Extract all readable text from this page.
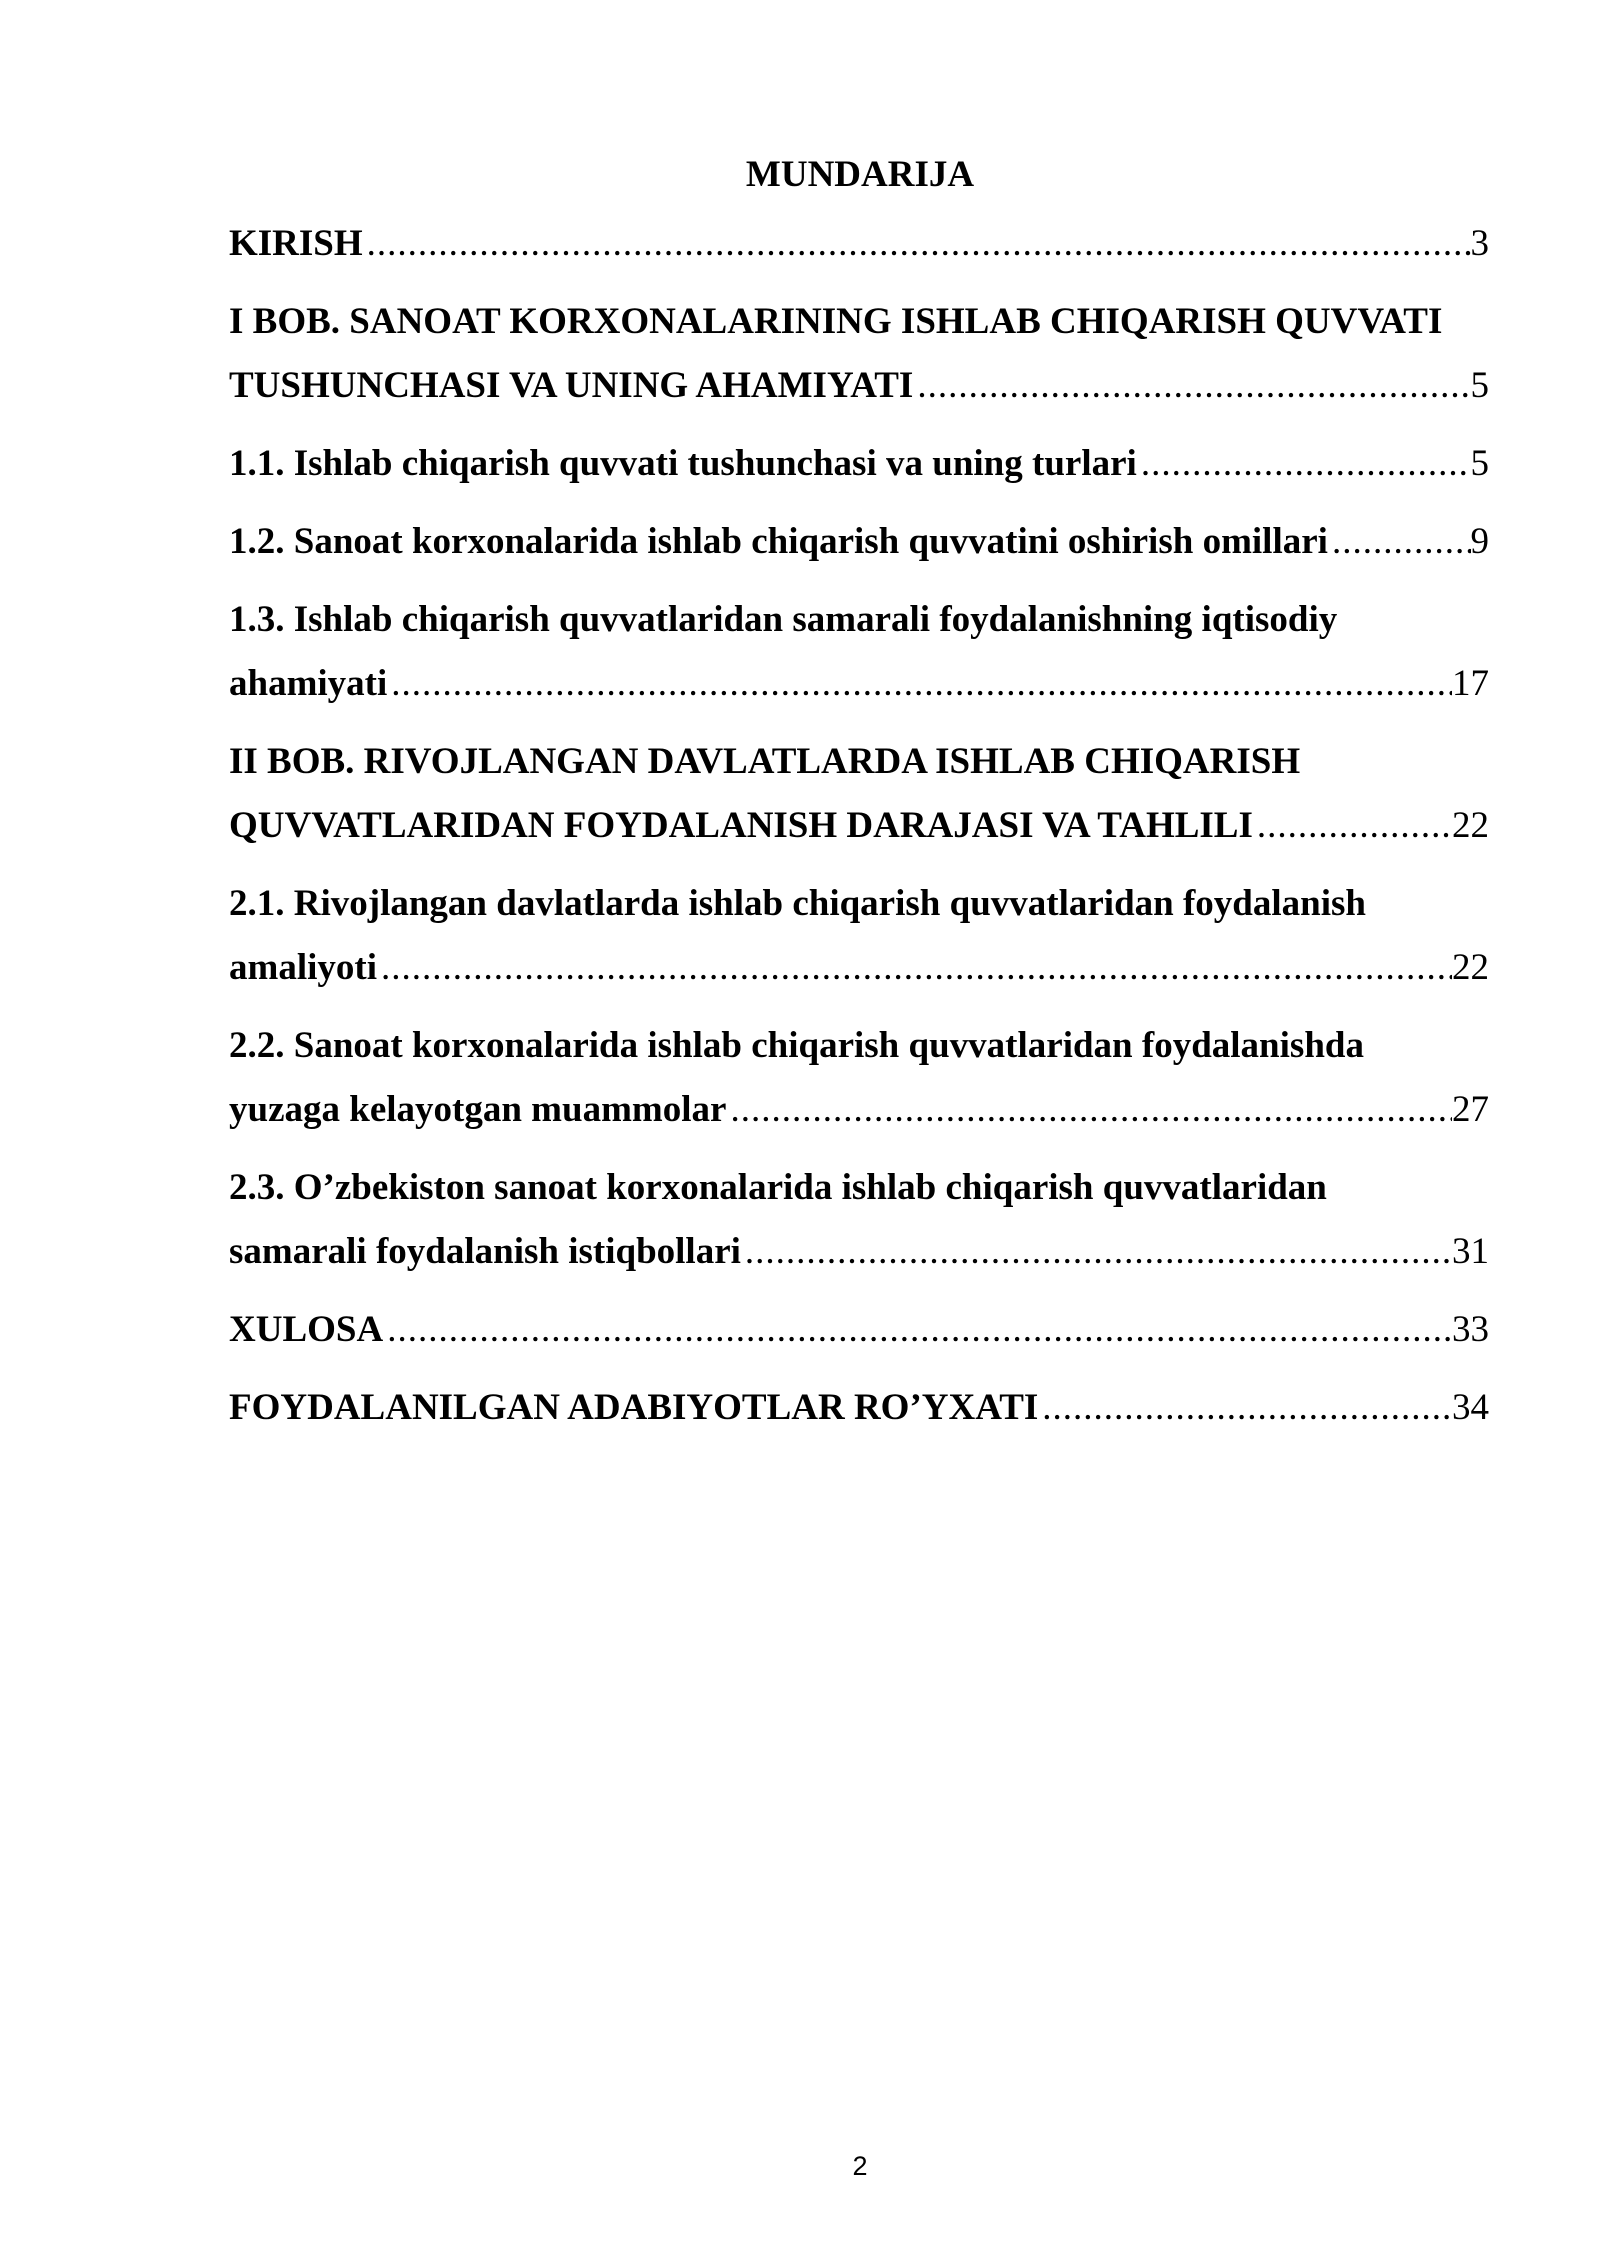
MUNDARIJA
KIRISH .....	3
I BOB. SANOAT KORXONALARINING ISHLAB CHIQARISH QUVVATI
TUSHUNCHASI VA UNING AHAMIYATI .....	5
1.1. Ishlab chiqarish quvvati tushunchasi va uning turlari .....	5
1.2. Sanoat korxonalarida ishlab chiqarish quvvatini oshirish omillari .....	9
1.3. Ishlab chiqarish quvvatlaridan samarali foydalanishning iqtisodiy
ahamiyati .....	17
II BOB. RIVOJLANGAN DAVLATLARDA ISHLAB CHIQARISH
QUVVATLARIDAN FOYDALANISH DARAJASI VA TAHLILI .....	22
2.1. Rivojlangan davlatlarda ishlab chiqarish quvvatlaridan foydalanish
amaliyoti .....	22
2.2. Sanoat korxonalarida ishlab chiqarish quvvatlaridan foydalanishda
yuzaga kelayotgan muammolar .....	27
2.3. O’zbekiston sanoat korxonalarida ishlab chiqarish quvvatlaridan
samarali foydalanish istiqbollari .....	31
XULOSA .....	33
FOYDALANILGAN ADABIYOTLAR RO’YXATI .....	34
2
